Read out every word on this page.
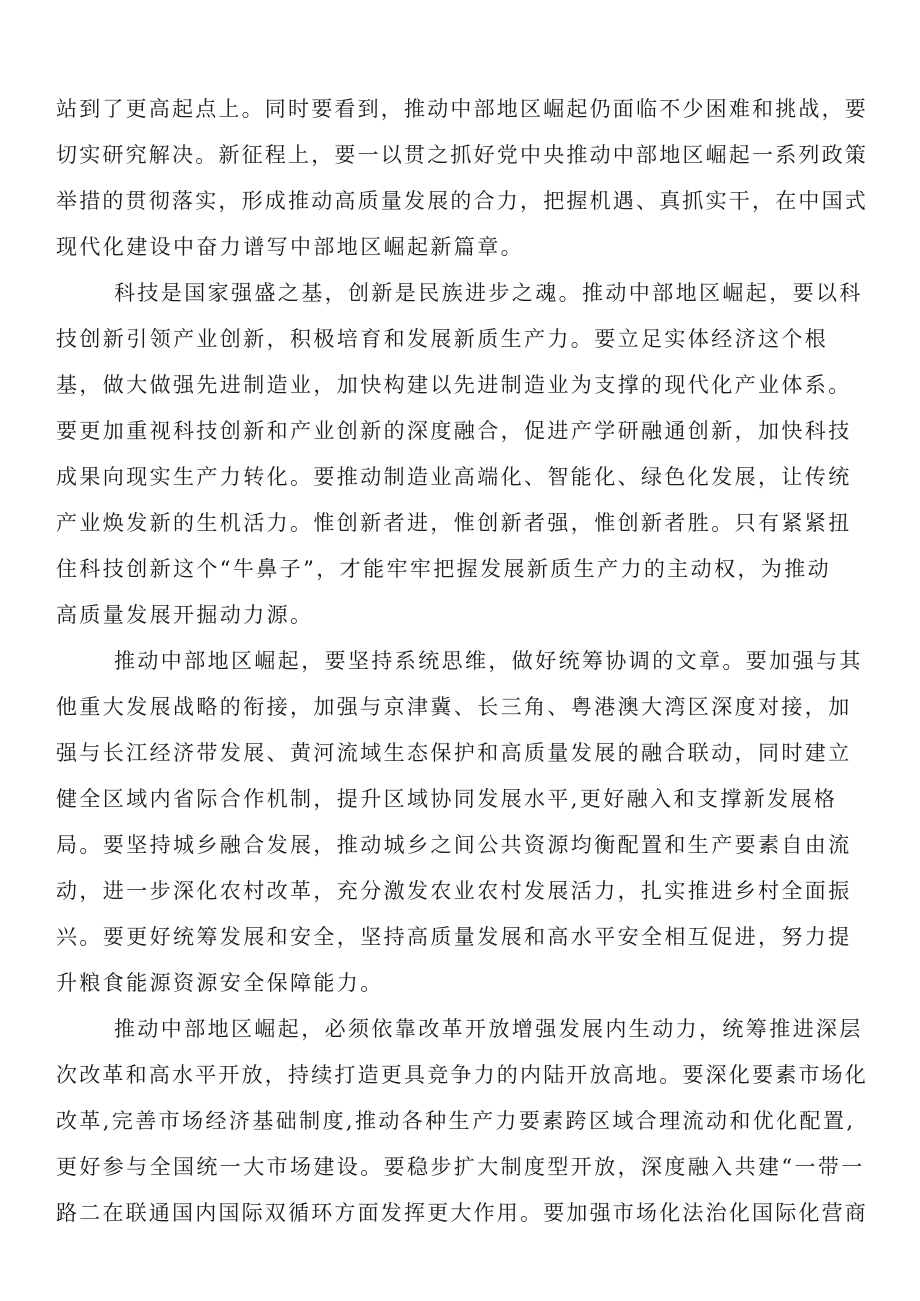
站到了更高起点上。同时要看到，推动中部地区崛起仍面临不少困难和挑战，要
切实研究解决。新征程上，要一以贯之抓好党中央推动中部地区崛起一系列政策
举措的贯彻落实，形成推动高质量发展的合力，把握机遇、真抓实干，在中国式
现代化建设中奋力谱写中部地区崛起新篇章。
科技是国家强盛之基，创新是民族进步之魂。推动中部地区崛起，要以科
技创新引领产业创新，积极培育和发展新质生产力。要立足实体经济这个根
基，做大做强先进制造业，加快构建以先进制造业为支撑的现代化产业体系。
要更加重视科技创新和产业创新的深度融合，促进产学研融通创新，加快科技
成果向现实生产力转化。要推动制造业高端化、智能化、绿色化发展，让传统
产业焕发新的生机活力。惟创新者进，惟创新者强，惟创新者胜。只有紧紧扭
住科技创新这个“牛鼻子”，才能牢牢把握发展新质生产力的主动权，为推动
高质量发展开掘动力源。
推动中部地区崛起，要坚持系统思维，做好统筹协调的文章。要加强与其
他重大发展战略的衔接，加强与京津冀、长三角、粤港澳大湾区深度对接，加
强与长江经济带发展、黄河流域生态保护和高质量发展的融合联动，同时建立
健全区域内省际合作机制，提升区域协同发展水平,更好融入和支撑新发展格
局。要坚持城乡融合发展，推动城乡之间公共资源均衡配置和生产要素自由流
动，进一步深化农村改革，充分激发农业农村发展活力，扎实推进乡村全面振
兴。要更好统筹发展和安全，坚持高质量发展和高水平安全相互促进，努力提
升粮食能源资源安全保障能力。
推动中部地区崛起，必须依靠改革开放增强发展内生动力，统筹推进深层
次改革和高水平开放，持续打造更具竞争力的内陆开放高地。要深化要素市场化
改革,完善市场经济基础制度,推动各种生产力要素跨区域合理流动和优化配置,
更好参与全国统一大市场建设。要稳步扩大制度型开放，深度融入共建“一带一
路二在联通国内国际双循环方面发挥更大作用。要加强市场化法治化国际化营商
